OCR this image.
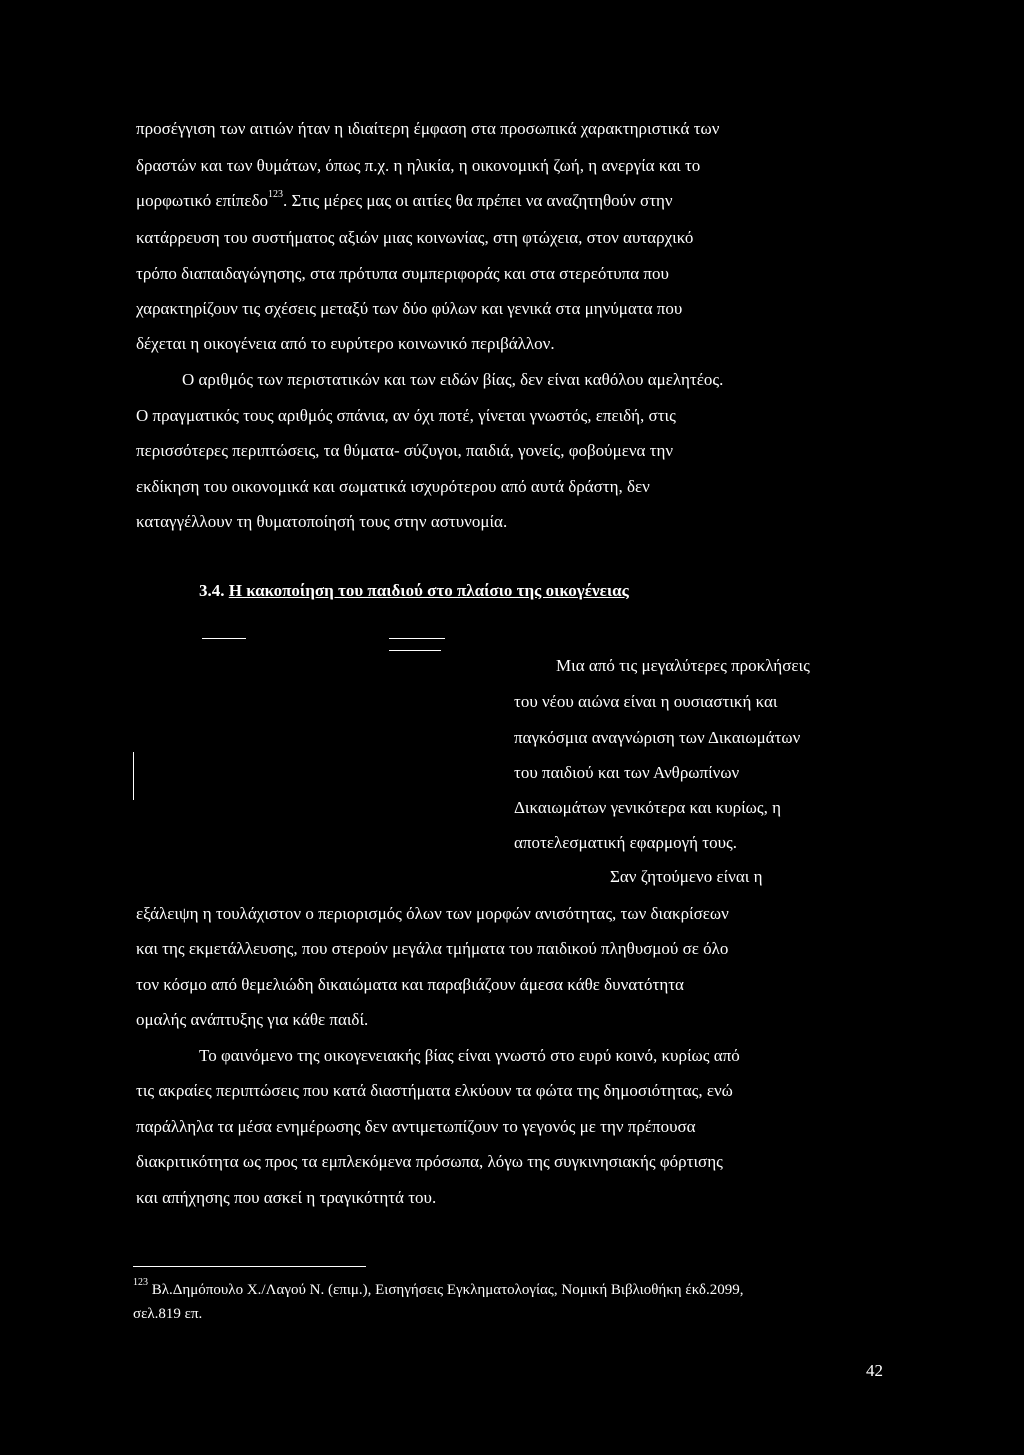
προσέγγιση των αιτιών ήταν η ιδιαίτερη έμφαση στα προσωπικά χαρακτηριστικά των
δραστών και των θυμάτων, όπως π.χ. η ηλικία, η οικονομική ζωή, η ανεργία και το
μορφωτικό επίπεδο$^{123}$. Στις μέρες μας οι αιτίες θα πρέπει να αναζητηθούν στην
κατάρρευση του συστήματος αξιών μιας κοινωνίας, στη φτώχεια, στον αυταρχικό
τρόπο διαπαιδαγώγησης, στα πρότυπα συμπεριφοράς και στα στερεότυπα που
χαρακτηρίζουν τις σχέσεις μεταξύ των δύο φύλων και γενικά στα μηνύματα που
δέχεται η οικογένεια από το ευρύτερο κοινωνικό περιβάλλον.
Ο αριθμός των περιστατικών και των ειδών βίας, δεν είναι καθόλου αμελητέος.
Ο πραγματικός τους αριθμός σπάνια, αν όχι ποτέ, γίνεται γνωστός, επειδή, στις
περισσότερες περιπτώσεις, τα θύματα- σύζυγοι, παιδιά, γονείς, φοβούμενα την
εκδίκηση του οικονομικά και σωματικά ισχυρότερου από αυτά δράστη, δεν
καταγγέλλουν τη θυματοποίησή τους στην αστυνομία.
3.4. Η κακοποίηση του παιδιού στο πλαίσιο της οικογένειας
Μια από τις μεγαλύτερες προκλήσεις
του νέου αιώνα είναι η ουσιαστική και
παγκόσμια αναγνώριση των Δικαιωμάτων
του παιδιού και των Ανθρωπίνων
Δικαιωμάτων γενικότερα και κυρίως, η
αποτελεσματική εφαρμογή τους.
Σαν ζητούμενο είναι η
εξάλειψη η τουλάχιστον ο περιορισμός όλων των μορφών ανισότητας, των διακρίσεων
και της εκμετάλλευσης, που στερούν μεγάλα τμήματα του παιδικού πληθυσμού σε όλο
τον κόσμο από θεμελιώδη δικαιώματα και παραβιάζουν άμεσα κάθε δυνατότητα
ομαλής ανάπτυξης για κάθε παιδί.
Το φαινόμενο της οικογενειακής βίας είναι γνωστό στο ευρύ κοινό, κυρίως από
τις ακραίες περιπτώσεις που κατά διαστήματα ελκύουν τα φώτα της δημοσιότητας, ενώ
παράλληλα τα μέσα ενημέρωσης δεν αντιμετωπίζουν το γεγονός με την πρέπουσα
διακριτικότητα ως προς τα εμπλεκόμενα πρόσωπα, λόγω της συγκινησιακής φόρτισης
και απήχησης που ασκεί η τραγικότητά του.
$^{123}$ Βλ.Δημόπουλο Χ./Λαγού Ν. (επιμ.), Εισηγήσεις Εγκληματολογίας, Νομική Βιβλιοθήκη έκδ.2099,
σελ.819 επ.
42
